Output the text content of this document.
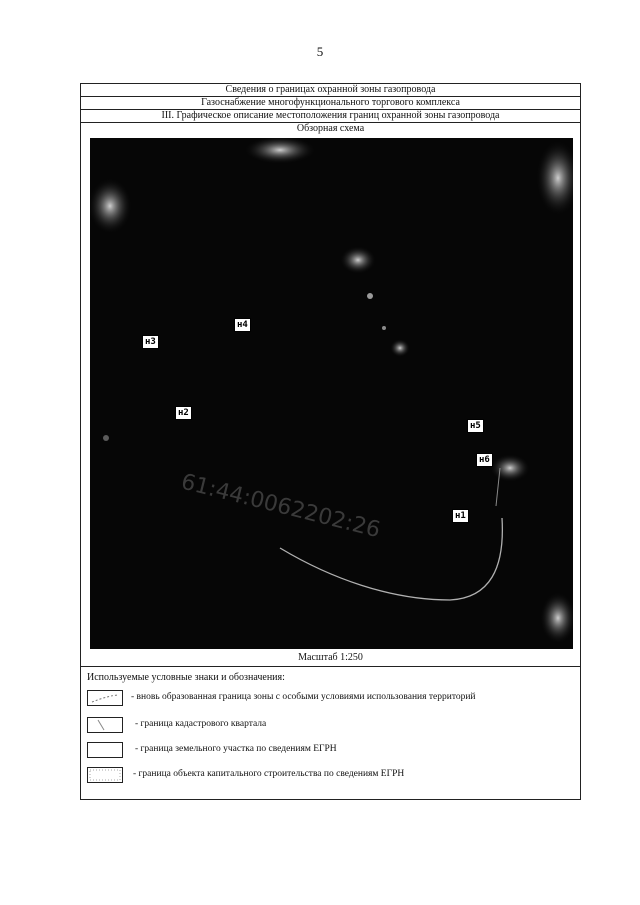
5
Сведения о границах охранной зоны газопровода
Газоснабжение многофункционального торгового комплекса
III. Графическое описание местоположения границ охранной зоны газопровода
Обзорная схема
61:44:0062202:26	н1
н2
н3
н4
н5
н6
Масштаб 1:250
Используемые условные знаки и обозначения:
- вновь образованная граница зоны с особыми условиями использования территорий
- граница кадастрового квартала
- граница земельного участка по сведениям ЕГРН
- граница объекта капитального строительства по сведениям ЕГРН
